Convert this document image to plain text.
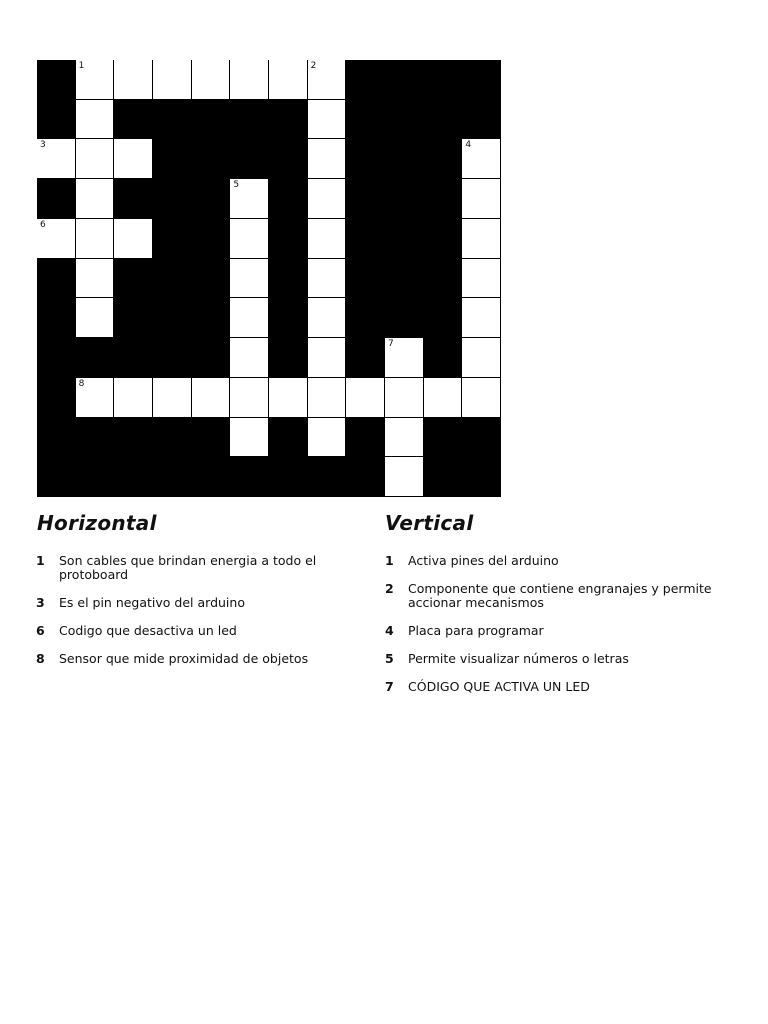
1	2
3	4
5
6
7
8
Horizontal
1 Son cables que brindan energia a todo el protoboard
3 Es el pin negativo del arduino
6 Codigo que desactiva un led
8 Sensor que mide proximidad de objetos
Vertical
1 Activa pines del arduino
2 Componente que contiene engranajes y permite accionar mecanismos
4 Placa para programar
5 Permite visualizar números o letras
7 CÓDIGO QUE ACTIVA UN LED
